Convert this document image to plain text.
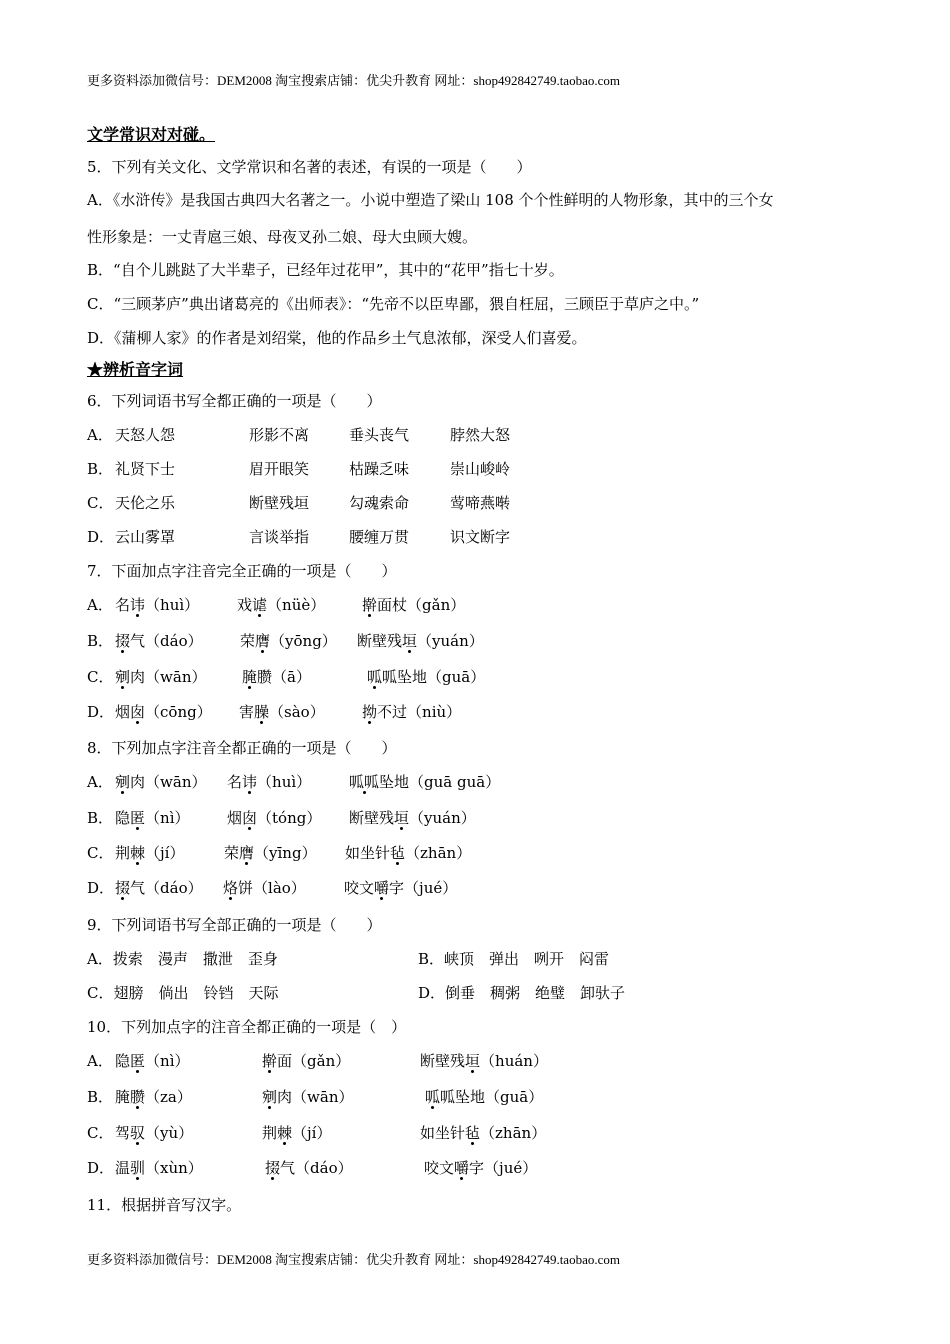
更多资料添加微信号：DEM2008 淘宝搜索店铺：优尖升教育 网址：shop492842749.taobao.com
文学常识对对碰。
5．下列有关文化、文学常识和名著的表述，有误的一项是（　　）
A．《水浒传》是我国古典四大名著之一。小说中塑造了梁山 108 个个性鲜明的人物形象，其中的三个女
性形象是：一丈青扈三娘、母夜叉孙二娘、母大虫顾大嫂。
B．“自个儿跳跶了大半辈子，已经年过花甲”，其中的“花甲”指七十岁。
C．“三顾茅庐”典出诸葛亮的《出师表》：“先帝不以臣卑鄙，猥自枉屈，三顾臣于草庐之中。”
D．《蒲柳人家》的作者是刘绍棠，他的作品乡土气息浓郁，深受人们喜爱。
★辨析音字词
6．下列词语书写全都正确的一项是（　　）
A． 天怒人怨	形影不离	垂头丧气	脖然大怒
B． 礼贤下士	眉开眼笑	枯躁乏味	崇山峻岭
C． 天伦之乐	断壁残垣	勾魂索命	莺啼燕啭
D． 云山雾罩	言谈举指	腰缠万贯	识文断字
7．下面加点字注音完全正确的一项是（　　）
A． 名讳（huì）	戏谑（nüè） 擀面杖（gǎn）
B． 掇气（dáo） 荣膺（yōng） 断壁残垣（yuán）
C． 剜肉（wān） 腌臜（ā）	呱呱坠地（guā）
D． 烟囱（cōng） 害臊（sào） 拗不过（niù）
8．下列加点字注音全都正确的一项是（　　）
A． 剜肉（wān） 名讳（huì）	呱呱坠地（guā guā）
B． 隐匿（nì）	烟囱（tóng） 断壁残垣（yuán）
C． 荆棘（jí）	荣膺（yīng） 如坐针毡（zhān）
D． 掇气（dáo） 烙饼（lào）	咬文嚼字（jué）
9．下列词语书写全部正确的一项是（　　）
A．拨索　漫声　撒泄　歪身	B．峡顶　弹出　咧开　闷雷
C．翅膀　倘出　铃铛　天际	D．倒垂　稠粥　绝璧　卸驮子
10．下列加点字的注音全都正确的一项是（　）
A． 隐匿（nì）	擀面（gǎn）	断壁残垣（huán）
B． 腌臜（za）	剜肉（wān）	呱呱坠地（guā）
C． 驾驭（yù）	荆棘（jí）	如坐针毡（zhān）
D． 温驯（xùn）	掇气（dáo）	咬文嚼字（jué）
11．根据拼音写汉字。
更多资料添加微信号：DEM2008 淘宝搜索店铺：优尖升教育 网址：shop492842749.taobao.com
